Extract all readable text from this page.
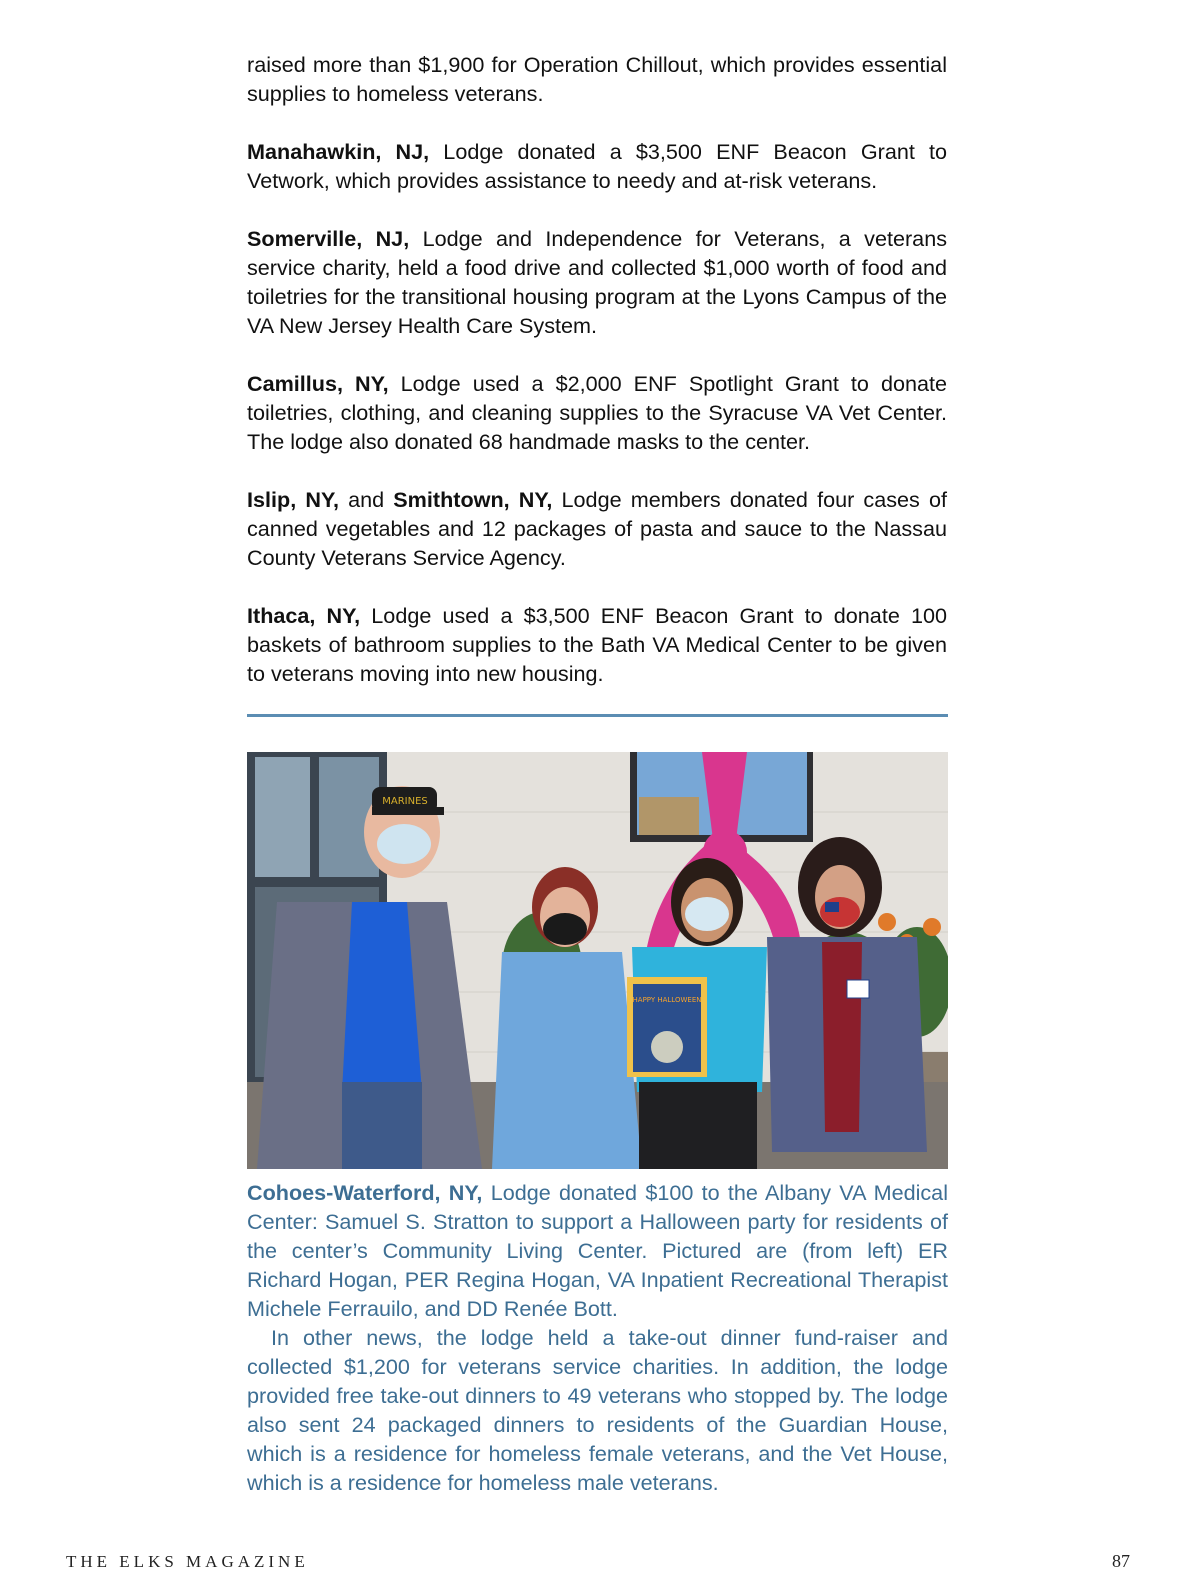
raised more than $1,900 for Operation Chillout, which provides essential supplies to homeless veterans.

Manahawkin, NJ, Lodge donated a $3,500 ENF Beacon Grant to Vetwork, which provides assistance to needy and at-risk veterans.

Somerville, NJ, Lodge and Independence for Veterans, a veterans service charity, held a food drive and collected $1,000 worth of food and toiletries for the transitional housing program at the Lyons Campus of the VA New Jersey Health Care System.

Camillus, NY, Lodge used a $2,000 ENF Spotlight Grant to donate toiletries, clothing, and cleaning supplies to the Syracuse VA Vet Center. The lodge also donated 68 handmade masks to the center.

Islip, NY, and Smithtown, NY, Lodge members donated four cases of canned vegetables and 12 packages of pasta and sauce to the Nassau County Veterans Service Agency.

Ithaca, NY, Lodge used a $3,500 ENF Beacon Grant to donate 100 baskets of bathroom supplies to the Bath VA Medical Center to be given to veterans moving into new housing.

MARINES
HAPPY HALLOWEEN

Cohoes-Waterford, NY, Lodge donated $100 to the Albany VA Medical Center: Samuel S. Stratton to support a Halloween party for residents of the center’s Community Living Center. Pictured are (from left) ER Richard Hogan, PER Regina Hogan, VA Inpatient Recreational Therapist Michele Ferrauilo, and DD Renée Bott.

In other news, the lodge held a take-out dinner fund-raiser and collected $1,200 for veterans service charities. In addition, the lodge provided free take-out dinners to 49 veterans who stopped by. The lodge also sent 24 packaged dinners to residents of the Guardian House, which is a residence for homeless female veterans, and the Vet House, which is a residence for homeless male veterans.

THE ELKS MAGAZINE	87
